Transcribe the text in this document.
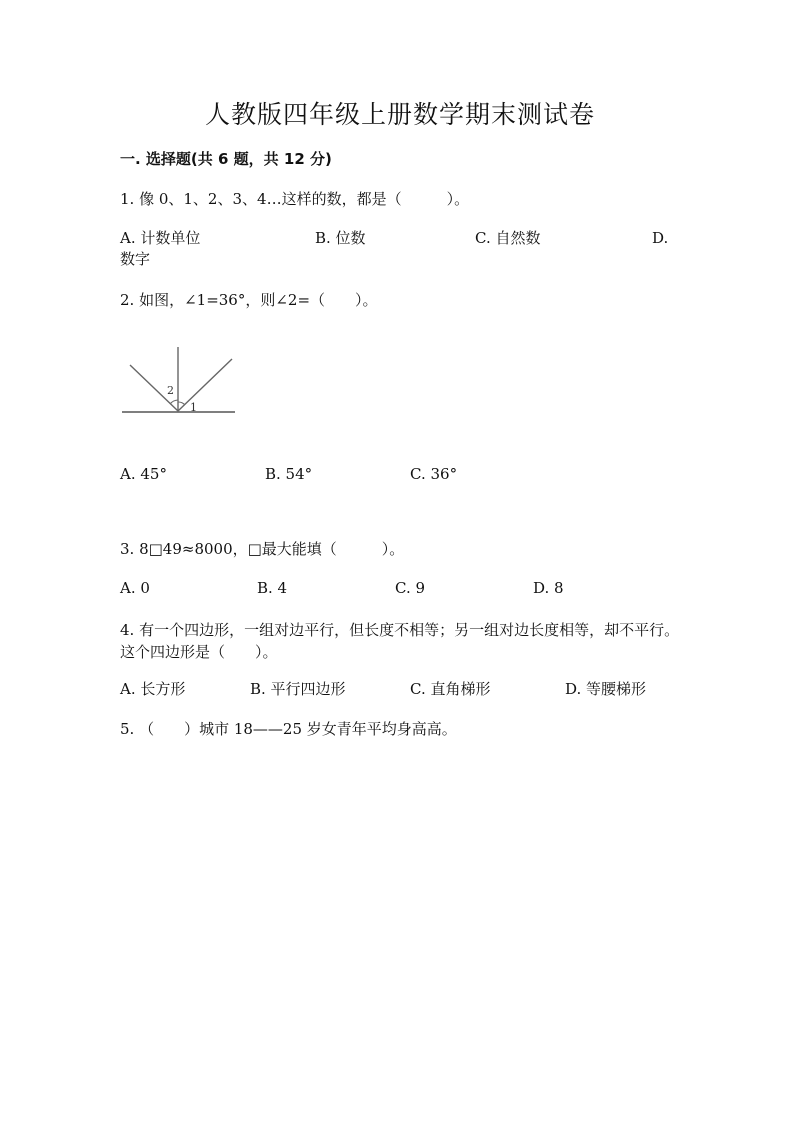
人教版四年级上册数学期末测试卷
一. 选择题(共 6 题，共 12 分)
1. 像 0、1、2、3、4…这样的数，都是（　　　）。
A. 计数单位	B. 位数	C. 自然数	D.
数字
2. 如图，∠1=36°，则∠2=（　　）。
2
1
A. 45°	B. 54°	C. 36°
3. 8□49≈8000，□最大能填（　　　）。
A. 0	B. 4	C. 9	D. 8
4. 有一个四边形，一组对边平行，但长度不相等；另一组对边长度相等，却不平行。这个四边形是（　　）。
A. 长方形	B. 平行四边形	C. 直角梯形	D. 等腰梯形
5. （　　）城市 18——25 岁女青年平均身高高。
